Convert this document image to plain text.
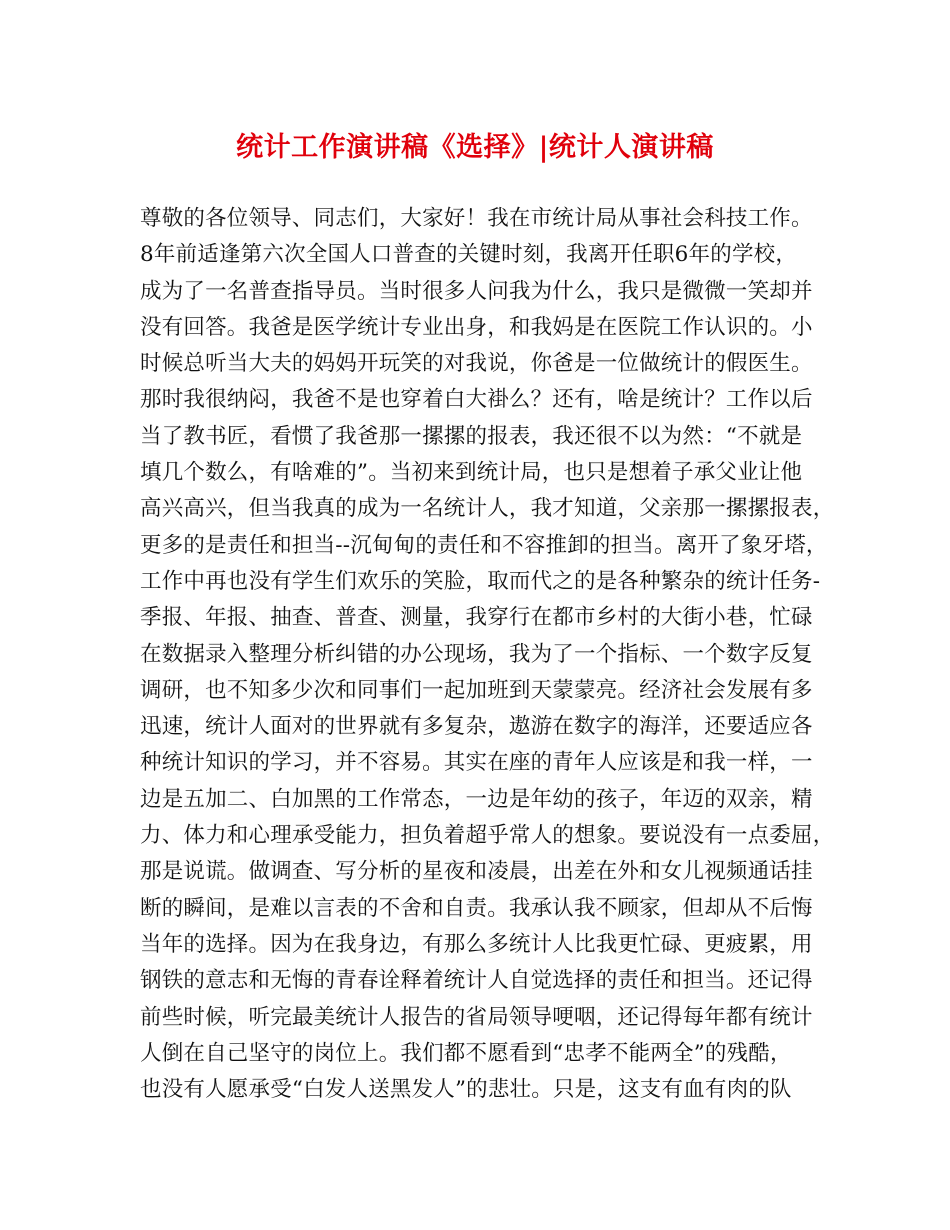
统计工作演讲稿《选择》|统计人演讲稿
尊敬的各位领导、同志们，大家好！我在市统计局从事社会科技工作。
8年前适逢第六次全国人口普查的关键时刻，我离开任职6年的学校，
成为了一名普查指导员。当时很多人问我为什么，我只是微微一笑却并
没有回答。我爸是医学统计专业出身，和我妈是在医院工作认识的。小
时候总听当大夫的妈妈开玩笑的对我说，你爸是一位做统计的假医生。
那时我很纳闷，我爸不是也穿着白大褂么？还有，啥是统计？工作以后
当了教书匠，看惯了我爸那一摞摞的报表，我还很不以为然：“不就是
填几个数么，有啥难的”。当初来到统计局，也只是想着子承父业让他
高兴高兴，但当我真的成为一名统计人，我才知道，父亲那一摞摞报表，
更多的是责任和担当--沉甸甸的责任和不容推卸的担当。离开了象牙塔，
工作中再也没有学生们欢乐的笑脸，取而代之的是各种繁杂的统计任务-
季报、年报、抽查、普查、测量，我穿行在都市乡村的大街小巷，忙碌
在数据录入整理分析纠错的办公现场，我为了一个指标、一个数字反复
调研，也不知多少次和同事们一起加班到天蒙蒙亮。经济社会发展有多
迅速，统计人面对的世界就有多复杂，遨游在数字的海洋，还要适应各
种统计知识的学习，并不容易。其实在座的青年人应该是和我一样，一
边是五加二、白加黑的工作常态，一边是年幼的孩子，年迈的双亲，精
力、体力和心理承受能力，担负着超乎常人的想象。要说没有一点委屈，
那是说谎。做调查、写分析的星夜和凌晨，出差在外和女儿视频通话挂
断的瞬间，是难以言表的不舍和自责。我承认我不顾家，但却从不后悔
当年的选择。因为在我身边，有那么多统计人比我更忙碌、更疲累，用
钢铁的意志和无悔的青春诠释着统计人自觉选择的责任和担当。还记得
前些时候，听完最美统计人报告的省局领导哽咽，还记得每年都有统计
人倒在自己坚守的岗位上。我们都不愿看到“忠孝不能两全”的残酷，
也没有人愿承受“白发人送黑发人”的悲壮。只是，这支有血有肉的队
